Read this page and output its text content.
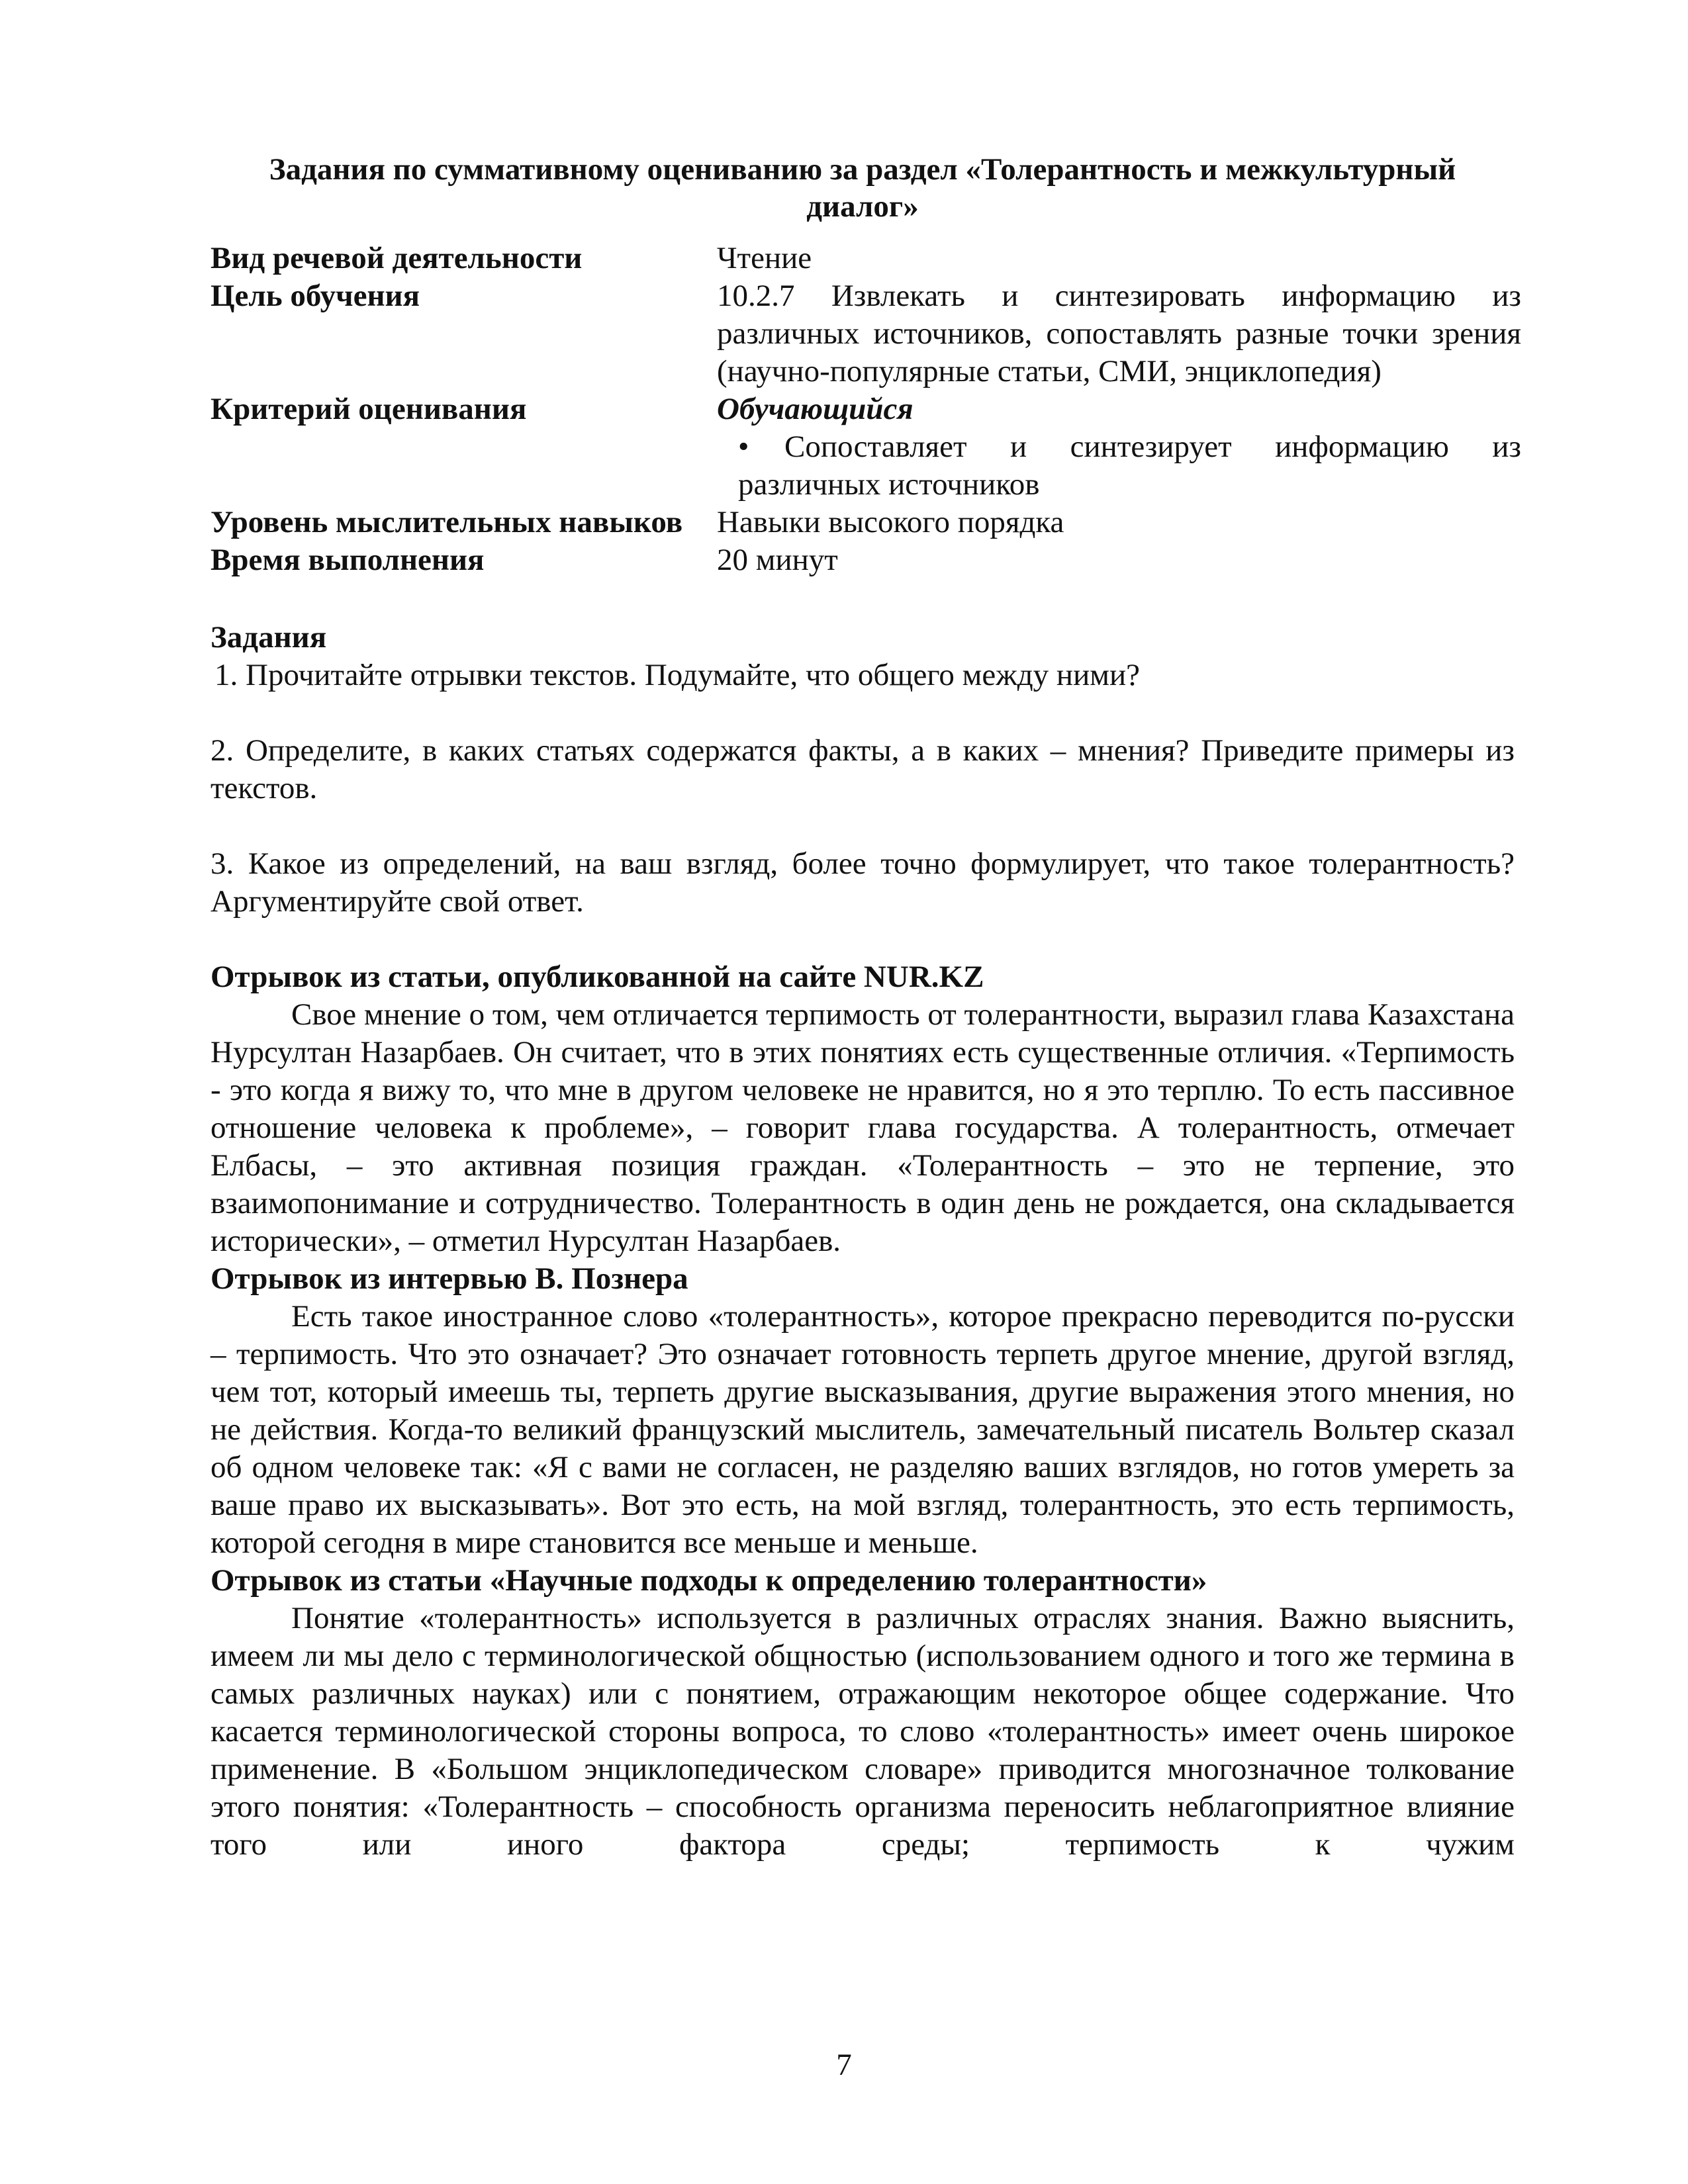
Задания по суммативному оцениванию за раздел «Толерантность и межкультурный
диалог»
Вид речевой деятельности	Чтение
Цель обучения	10.2.7 Извлекать и синтезировать информацию из различных источников, сопоставлять разные точки зрения (научно-популярные статьи, СМИ, энциклопедия)
Критерий оценивания	Обучающийся
• Сопоставляет и синтезирует информацию из различных источников

Уровень мыслительных навыков	Навыки высокого порядка
Время выполнения	20 минут
Задания
1. Прочитайте отрывки текстов. Подумайте, что общего между ними?
2. Определите, в каких статьях содержатся факты, а в каких – мнения? Приведите примеры из текстов.
3. Какое из определений, на ваш взгляд, более точно формулирует, что такое толерантность? Аргументируйте свой ответ.
Отрывок из статьи, опубликованной на сайте NUR.KZ

Свое мнение о том, чем отличается терпимость от толерантности, выразил глава Казахстана Нурсултан Назарбаев. Он считает, что в этих понятиях есть существенные отличия. «Терпимость - это когда я вижу то, что мне в другом человеке не нравится, но я это терплю. То есть пассивное отношение человека к проблеме», – говорит глава государства. А толерантность, отмечает Елбасы, – это активная позиция граждан. «Толерантность – это не терпение, это взаимопонимание и сотрудничество. Толерантность в один день не рождается, она складывается исторически», – отметил Нурсултан Назарбаев.

Отрывок из интервью В. Познера

Есть такое иностранное слово «толерантность», которое прекрасно переводится по-русски – терпимость. Что это означает? Это означает готовность терпеть другое мнение, другой взгляд, чем тот, который имеешь ты, терпеть другие высказывания, другие выражения этого мнения, но не действия. Когда-то великий французский мыслитель, замечательный писатель Вольтер сказал об одном человеке так: «Я с вами не согласен, не разделяю ваших взглядов, но готов умереть за ваше право их высказывать». Вот это есть, на мой взгляд, толерантность, это есть терпимость, которой сегодня в мире становится все меньше и меньше.

Отрывок из статьи «Научные подходы к определению толерантности»

Понятие «толерантность» используется в различных отраслях знания. Важно выяснить, имеем ли мы дело с терминологической общностью (использованием одного и того же термина в самых различных науках) или с понятием, отражающим некоторое общее содержание. Что касается терминологической стороны вопроса, то слово «толерантность» имеет очень широкое применение. В «Большом энциклопедическом словаре» приводится многозначное толкование этого понятия: «Толерантность – способность организма переносить неблагоприятное влияние того или иного фактора среды; терпимость к чужим

7
